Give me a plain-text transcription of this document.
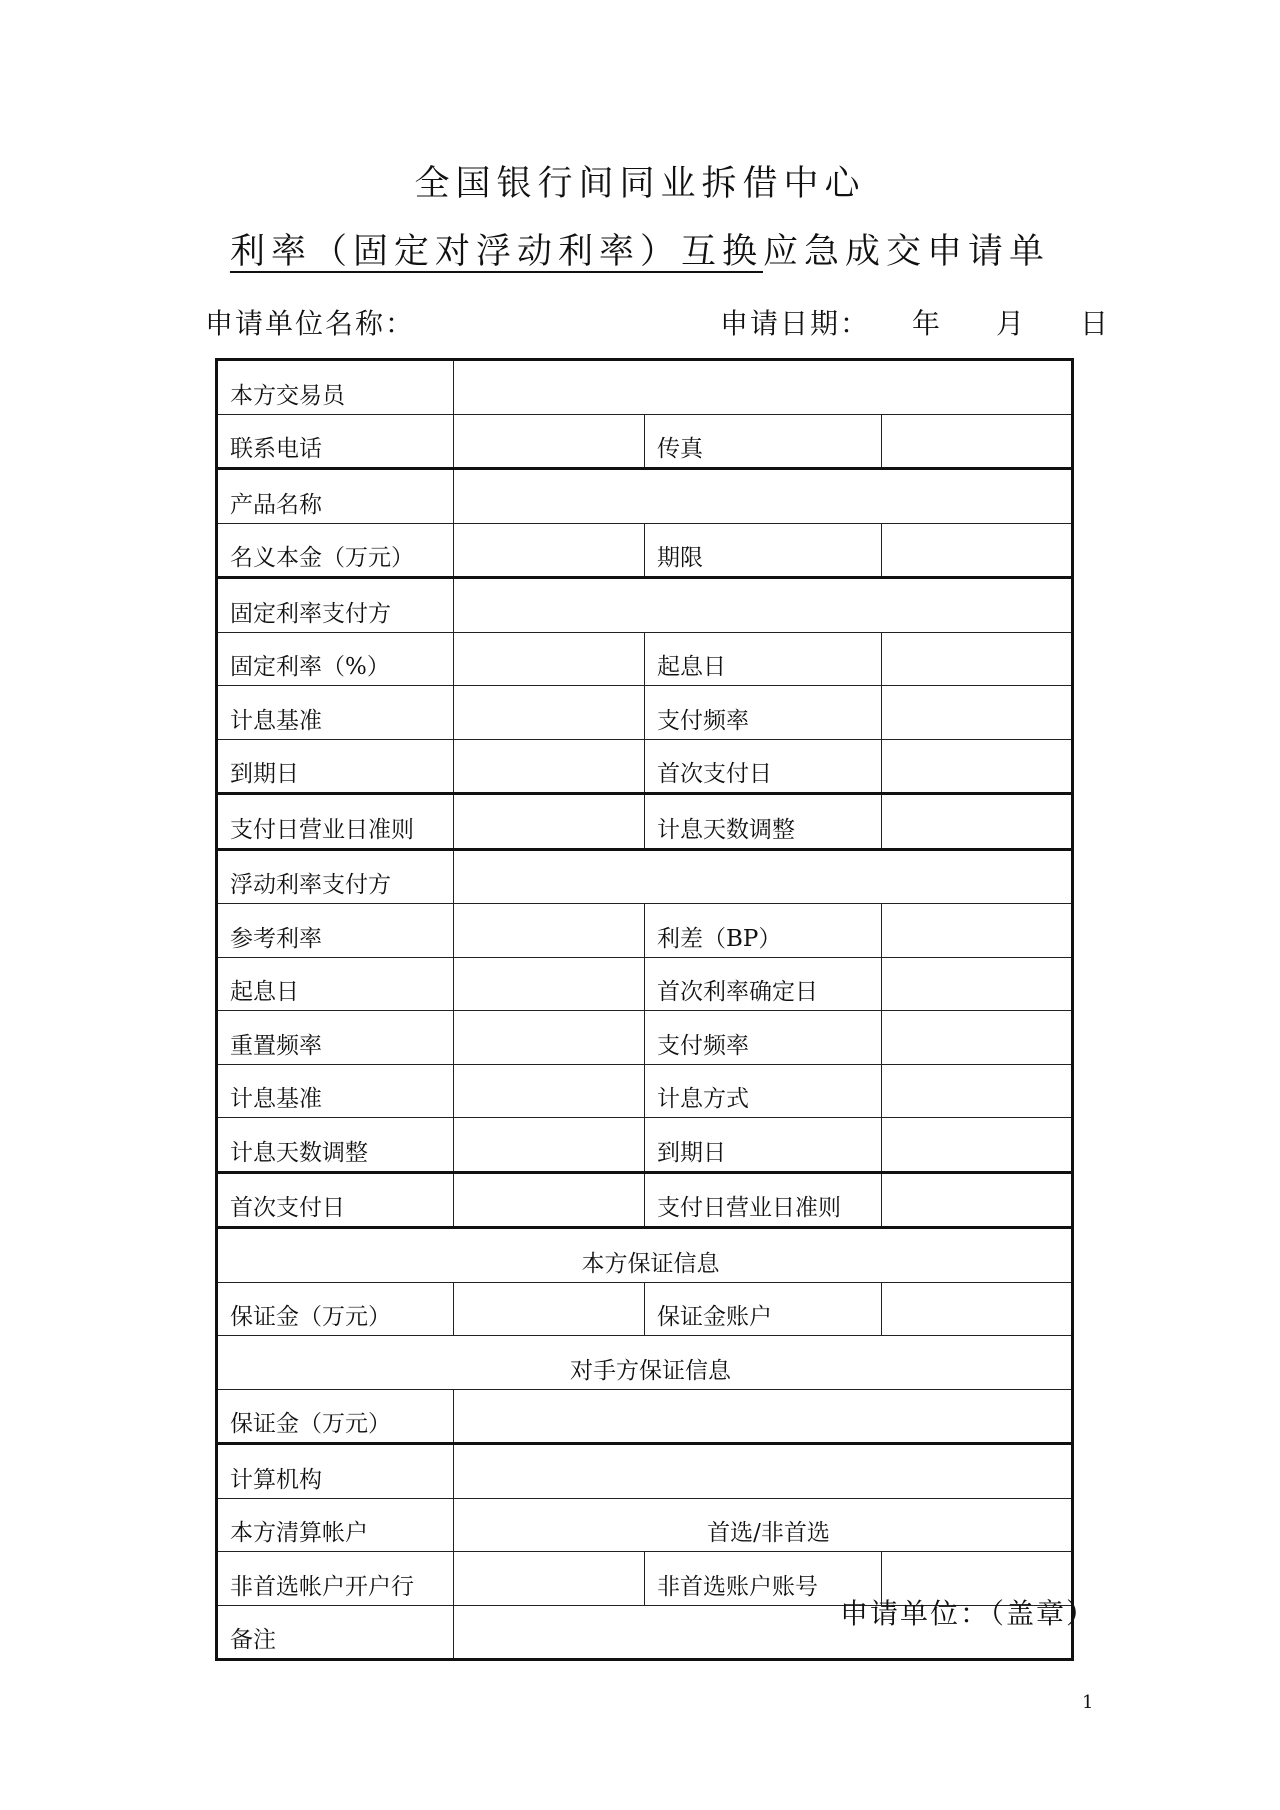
全国银行间同业拆借中心
利率（固定对浮动利率）互换应急成交申请单
申请单位名称：	申请日期： 年 月 日
本方交易员			
联系电话		传真	
产品名称			
名义本金（万元）		期限	
固定利率支付方			
固定利率（%）		起息日	
计息基准		支付频率	
到期日		首次支付日	
支付日营业日准则		计息天数调整	
浮动利率支付方			
参考利率		利差（BP）	
起息日		首次利率确定日	
重置频率		支付频率	
计息基准		计息方式	
计息天数调整		到期日	
首次支付日		支付日营业日准则	
本方保证信息			
保证金（万元）		保证金账户	
对手方保证信息			
保证金（万元）			
计算机构			
本方清算帐户	首选/非首选		
非首选帐户开户行		非首选账户账号	
备注			
申请单位：（盖章）
1
